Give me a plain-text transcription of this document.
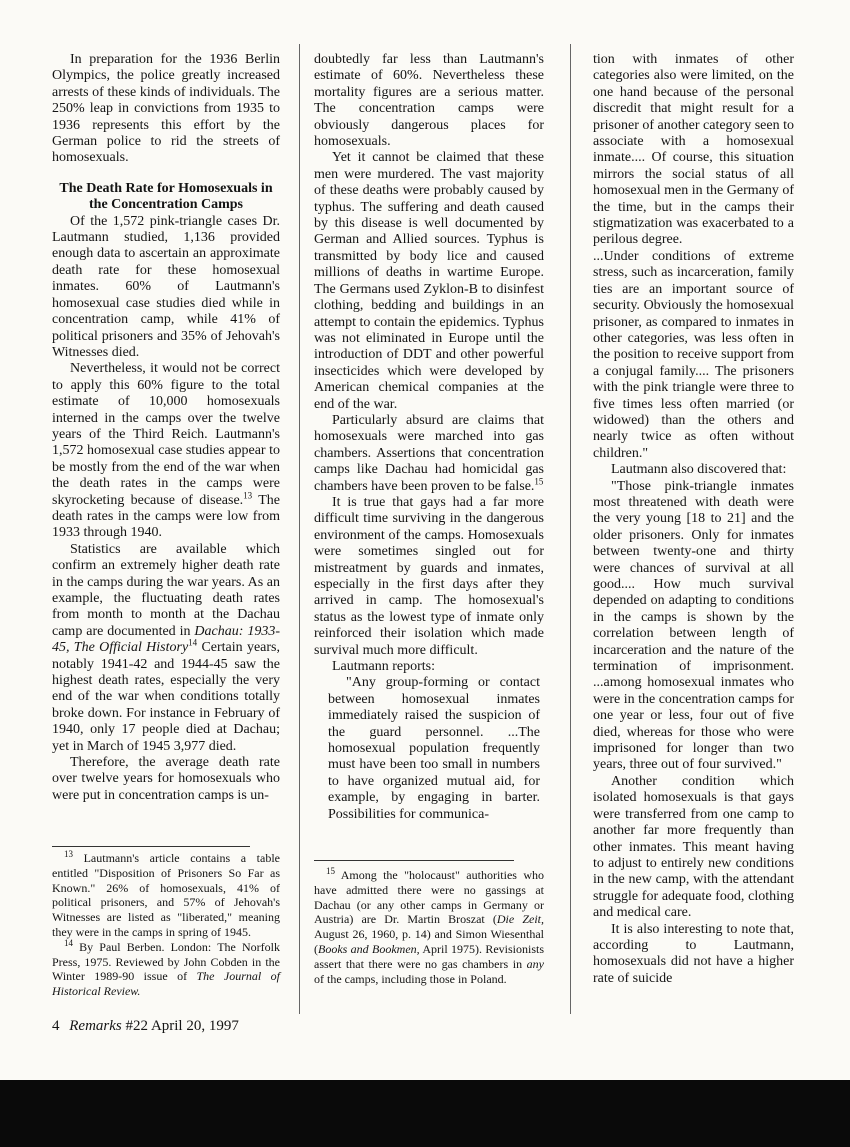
In preparation for the 1936 Berlin Olympics, the police greatly increased arrests of these kinds of individuals. The 250% leap in convictions from 1935 to 1936 represents this effort by the German police to rid the streets of homosexuals.

The Death Rate for Homosexuals in the Concentration Camps

Of the 1,572 pink-triangle cases Dr. Lautmann studied, 1,136 provided enough data to ascertain an approximate death rate for these homosexual inmates. 60% of Lautmann's homosexual case studies died while in concentration camp, while 41% of political prisoners and 35% of Jehovah's Witnesses died.

Nevertheless, it would not be correct to apply this 60% figure to the total estimate of 10,000 homosexuals interned in the camps over the twelve years of the Third Reich. Lautmann's 1,572 homosexual case studies appear to be mostly from the end of the war when the death rates in the camps were skyrocketing because of disease.$^{13}$ The death rates in the camps were low from 1933 through 1940.

Statistics are available which confirm an extremely higher death rate in the camps during the war years. As an example, the fluctuating death rates from month to month at the Dachau camp are documented in Dachau: 1933-45, The Official History$^{14}$ Certain years, notably 1941-42 and 1944-45 saw the highest death rates, especially the very end of the war when conditions totally broke down. For instance in February of 1940, only 17 people died at Dachau; yet in March of 1945 3,977 died.

Therefore, the average death rate over twelve years for homosexuals who were put in concentration camps is un-

$^{13}$ Lautmann's article contains a table entitled "Disposition of Prisoners So Far as Known." 26% of homosexuals, 41% of political prisoners, and 57% of Jehovah's Witnesses are listed as "liberated," meaning they were in the camps in spring of 1945.

$^{14}$ By Paul Berben. London: The Norfolk Press, 1975. Reviewed by John Cobden in the Winter 1989-90 issue of The Journal of Historical Review.

doubtedly far less than Lautmann's estimate of 60%. Nevertheless these mortality figures are a serious matter. The concentration camps were obviously dangerous places for homosexuals.

Yet it cannot be claimed that these men were murdered. The vast majority of these deaths were probably caused by typhus. The suffering and death caused by this disease is well documented by German and Allied sources. Typhus is transmitted by body lice and caused millions of deaths in wartime Europe. The Germans used Zyklon-B to disinfest clothing, bedding and buildings in an attempt to contain the epidemics. Typhus was not eliminated in Europe until the introduction of DDT and other powerful insecticides which were developed by American chemical companies at the end of the war.

Particularly absurd are claims that homosexuals were marched into gas chambers. Assertions that concentration camps like Dachau had homicidal gas chambers have been proven to be false.$^{15}$

It is true that gays had a far more difficult time surviving in the dangerous environment of the camps. Homosexuals were sometimes singled out for mistreatment by guards and inmates, especially in the first days after they arrived in camp. The homosexual's status as the lowest type of inmate only reinforced their isolation which made survival much more difficult.

Lautmann reports:

"Any group-forming or contact between homosexual inmates immediately raised the suspicion of the guard personnel. ...The homosexual population frequently must have been too small in numbers to have organized mutual aid, for example, by engaging in barter. Possibilities for communica-

$^{15}$ Among the "holocaust" authorities who have admitted there were no gassings at Dachau (or any other camps in Germany or Austria) are Dr. Martin Broszat (Die Zeit, August 26, 1960, p. 14) and Simon Wiesenthal (Books and Bookmen, April 1975). Revisionists assert that there were no gas chambers in any of the camps, including those in Poland.

tion with inmates of other categories also were limited, on the one hand because of the personal discredit that might result for a prisoner of another category seen to associate with a homosexual inmate.... Of course, this situation mirrors the social status of all homosexual men in the Germany of the time, but in the camps their stigmatization was exacerbated to a perilous degree.

...Under conditions of extreme stress, such as incarceration, family ties are an important source of security. Obviously the homosexual prisoner, as compared to inmates in other categories, was less often in the position to receive support from a conjugal family.... The prisoners with the pink triangle were three to five times less often married (or widowed) than the others and nearly twice as often without children."

Lautmann also discovered that:

"Those pink-triangle inmates most threatened with death were the very young [18 to 21] and the older prisoners. Only for inmates between twenty-one and thirty were chances of survival at all good.... How much survival depended on adapting to conditions in the camps is shown by the correlation between length of incarceration and the nature of the termination of imprisonment. ...among homosexual inmates who were in the concentration camps for one year or less, four out of five died, whereas for those who were imprisoned for longer than two years, three out of four survived."

Another condition which isolated homosexuals is that gays were transferred from one camp to another far more frequently than other inmates. This meant having to adjust to entirely new conditions in the new camp, with the attendant struggle for adequate food, clothing and medical care.

It is also interesting to note that, according to Lautmann, homosexuals did not have a higher rate of suicide

4 Remarks #22 April 20, 1997
